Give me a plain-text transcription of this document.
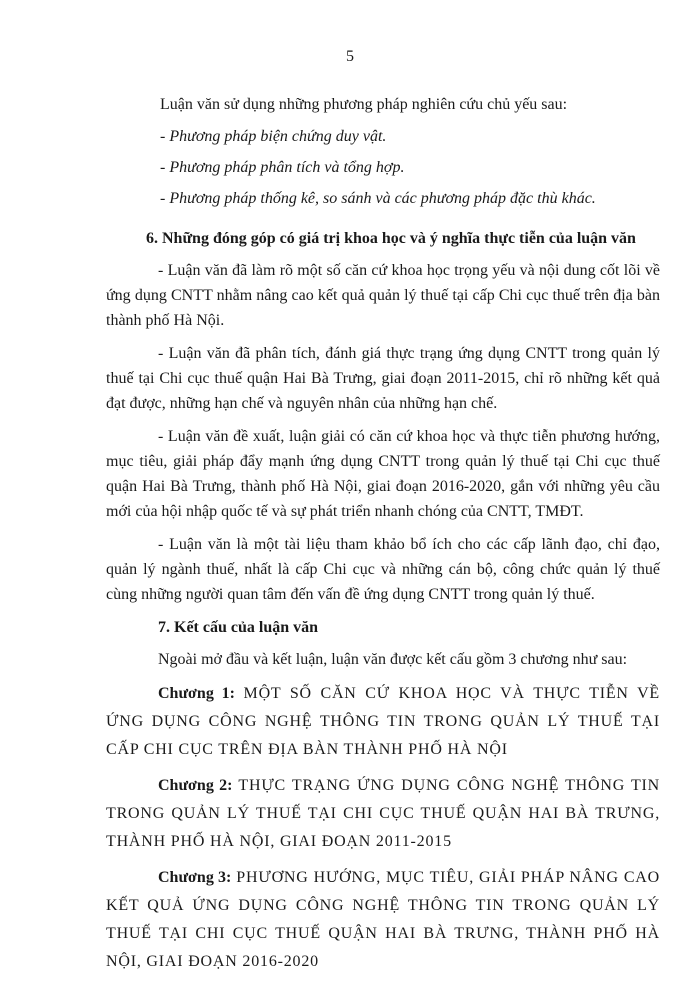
5

Luận văn sử dụng những phương pháp nghiên cứu chủ yếu sau:

- Phương pháp biện chứng duy vật.

- Phương pháp phân tích và tổng hợp.

- Phương pháp thống kê, so sánh và các phương pháp đặc thù khác.

6. Những đóng góp có giá trị khoa học và ý nghĩa thực tiễn của luận văn

- Luận văn đã làm rõ một số căn cứ khoa học trọng yếu và nội dung cốt lõi về ứng dụng CNTT nhằm nâng cao kết quả quản lý thuế tại cấp Chi cục thuế trên địa bàn thành phố Hà Nội.

- Luận văn đã phân tích, đánh giá thực trạng ứng dụng CNTT trong quản lý thuế tại Chi cục thuế quận Hai Bà Trưng, giai đoạn 2011-2015, chỉ rõ những kết quả đạt được, những hạn chế và nguyên nhân của những hạn chế.

- Luận văn đề xuất, luận giải có căn cứ khoa học và thực tiễn phương hướng, mục tiêu, giải pháp đẩy mạnh ứng dụng CNTT trong quản lý thuế tại Chi cục thuế quận Hai Bà Trưng, thành phố Hà Nội, giai đoạn 2016-2020, gắn với những yêu cầu mới của hội nhập quốc tế và sự phát triển nhanh chóng của CNTT, TMĐT.

- Luận văn là một tài liệu tham khảo bổ ích cho các cấp lãnh đạo, chỉ đạo, quản lý ngành thuế, nhất là cấp Chi cục và những cán bộ, công chức quản lý thuế cùng những người quan tâm đến vấn đề ứng dụng CNTT trong quản lý thuế.

7. Kết cấu của luận văn

Ngoài mở đầu và kết luận, luận văn được kết cấu gồm 3 chương như sau:

Chương 1: MỘT SỐ CĂN CỨ KHOA HỌC VÀ THỰC TIỄN VỀ ỨNG DỤNG CÔNG NGHỆ THÔNG TIN TRONG QUẢN LÝ THUẾ TẠI CẤP CHI CỤC TRÊN ĐỊA BÀN THÀNH PHỐ HÀ NỘI

Chương 2: THỰC TRẠNG ỨNG DỤNG CÔNG NGHỆ THÔNG TIN TRONG QUẢN LÝ THUẾ TẠI CHI CỤC THUẾ QUẬN HAI BÀ TRƯNG, THÀNH PHỐ HÀ NỘI, GIAI ĐOẠN 2011-2015

Chương 3: PHƯƠNG HƯỚNG, MỤC TIÊU, GIẢI PHÁP NÂNG CAO KẾT QUẢ ỨNG DỤNG CÔNG NGHỆ THÔNG TIN TRONG QUẢN LÝ THUẾ TẠI CHI CỤC THUẾ QUẬN HAI BÀ TRƯNG, THÀNH PHỐ HÀ NỘI, GIAI ĐOẠN 2016-2020
